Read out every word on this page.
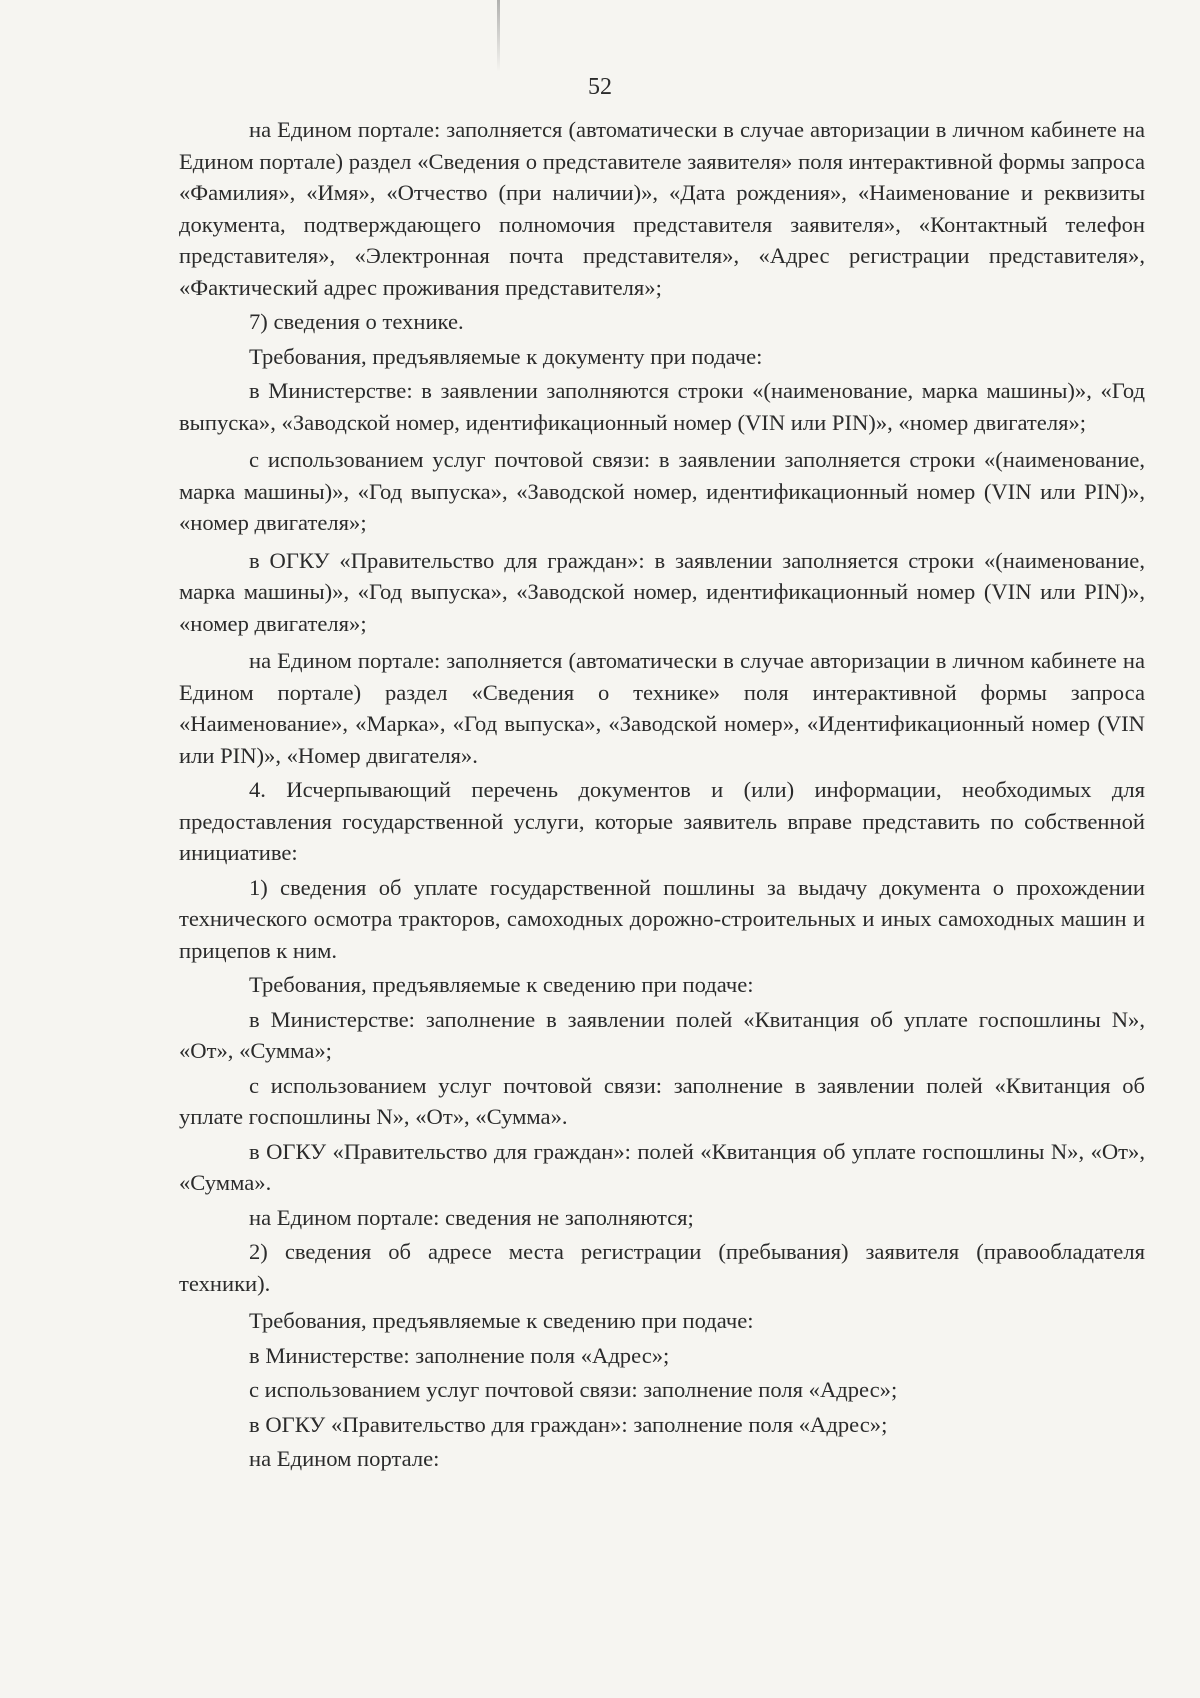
52

на Едином портале: заполняется (автоматически в случае авторизации в личном кабинете на Едином портале) раздел «Сведения о представителе заявителя» поля интерактивной формы запроса «Фамилия», «Имя», «Отчество (при наличии)», «Дата рождения», «Наименование и реквизиты документа, подтверждающего полномочия представителя заявителя», «Контактный телефон представителя», «Электронная почта представителя», «Адрес регистрации представителя», «Фактический адрес проживания представителя»;

7) сведения о технике.

Требования, предъявляемые к документу при подаче:

в Министерстве: в заявлении заполняются строки «(наименование, марка машины)», «Год выпуска», «Заводской номер, идентификационный номер (VIN или PIN)», «номер двигателя»;

с использованием услуг почтовой связи: в заявлении заполняется строки «(наименование, марка машины)», «Год выпуска», «Заводской номер, идентификационный номер (VIN или PIN)», «номер двигателя»;

в ОГКУ «Правительство для граждан»: в заявлении заполняется строки «(наименование, марка машины)», «Год выпуска», «Заводской номер, идентификационный номер (VIN или PIN)», «номер двигателя»;

на Едином портале: заполняется (автоматически в случае авторизации в личном кабинете на Едином портале) раздел «Сведения о технике» поля интерактивной формы запроса «Наименование», «Марка», «Год выпуска», «Заводской номер», «Идентификационный номер (VIN или PIN)», «Номер двигателя».

4. Исчерпывающий перечень документов и (или) информации, необходимых для предоставления государственной услуги, которые заявитель вправе представить по собственной инициативе:

1) сведения об уплате государственной пошлины за выдачу документа о прохождении технического осмотра тракторов, самоходных дорожно-строительных и иных самоходных машин и прицепов к ним.

Требования, предъявляемые к сведению при подаче:

в Министерстве: заполнение в заявлении полей «Квитанция об уплате госпошлины N», «От», «Сумма»;

с использованием услуг почтовой связи: заполнение в заявлении полей «Квитанция об уплате госпошлины N», «От», «Сумма».

в ОГКУ «Правительство для граждан»: полей «Квитанция об уплате госпошлины N», «От», «Сумма».

на Едином портале: сведения не заполняются;

2) сведения об адресе места регистрации (пребывания) заявителя (правообладателя техники).

Требования, предъявляемые к сведению при подаче:

в Министерстве: заполнение поля «Адрес»;

с использованием услуг почтовой связи: заполнение поля «Адрес»;

в ОГКУ «Правительство для граждан»: заполнение поля «Адрес»;

на Едином портале:
